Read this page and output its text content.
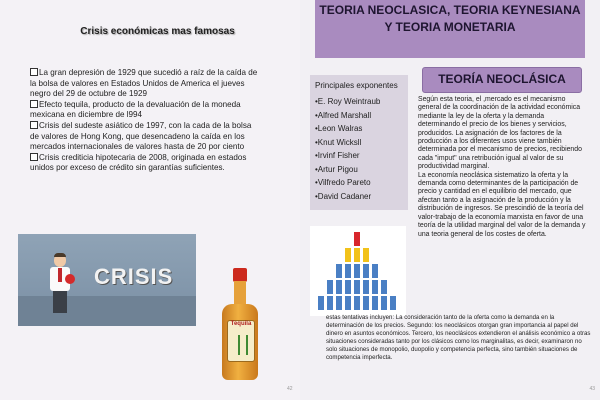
Crisis económicas mas famosas
La gran depresión de 1929 que sucedió a raíz de la caída de la bolsa de valores en Estados Unidos de America el jueves negro del 29 de octubre de 1929
Efecto tequila, producto de la devaluación de la moneda mexicana en diciembre de l994
Crisis del sudeste asiático de 1997, con la cada de la bolsa de valores de Hong Kong, que desencadeno la caída en los mercados internacionales de valores hasta de 20 por ciento
Crisis crediticia hipotecaria de 2008, originada en estados unidos por exceso de crédito sin garantías suficientes.
CRISIS
Tequila
42
TEORIA NEOCLASICA, TEORIA KEYNESIANA Y TEORIA MONETARIA
TEORÍA NEOCLÁSICA
Principales exponentes
•E. Roy Weintraub
•Alfred Marshall
•Leon Walras
•Knut Wicksll
•Irvinf Fisher
•Artur Pigou
•Vilfredo Pareto
•David Cadaner

Según esta teoria, el ,mercado es el mecanismo general de la coordinación de la actividad económica mediante la ley de la oferta y la demanda determinando el precio de los bienes y servicios, producidos. La asignación de los factores de la producción a los diferentes usos viene también determinada por el mecanismo de precios, recibiendo cada "imput" una retribución igual al valor de su productividad marginal.

La economía neoclásica sistematizo la oferta y la demanda como determinantes de la participación de precio y cantidad en el equilibrio del mercado, que afectan tanto a la asignación de la producción y la distribución de ingresos. Se prescindió de la teoría del valor-trabajo de la economía marxista en favor de una teoría de la utilidad marginal del valor de la demanda y una teoria general de los costes de oferta.

estas tentativas incluyen: La consideración tanto de la oferta como la demanda en la determinación de los precios. Segundo: los neoclásicos otorgan gran importancia al papel del dinero en asuntos económicos. Tercero, los neoclásicos extendieron el análisis económico a otras situaciones consideradas tanto por los clásicos como los marginalitas, es decir, examinaron no solo situaciones de monopolio, duopolio y competencia perfecta, sino también situaciones de competencia imperfecta.
43
